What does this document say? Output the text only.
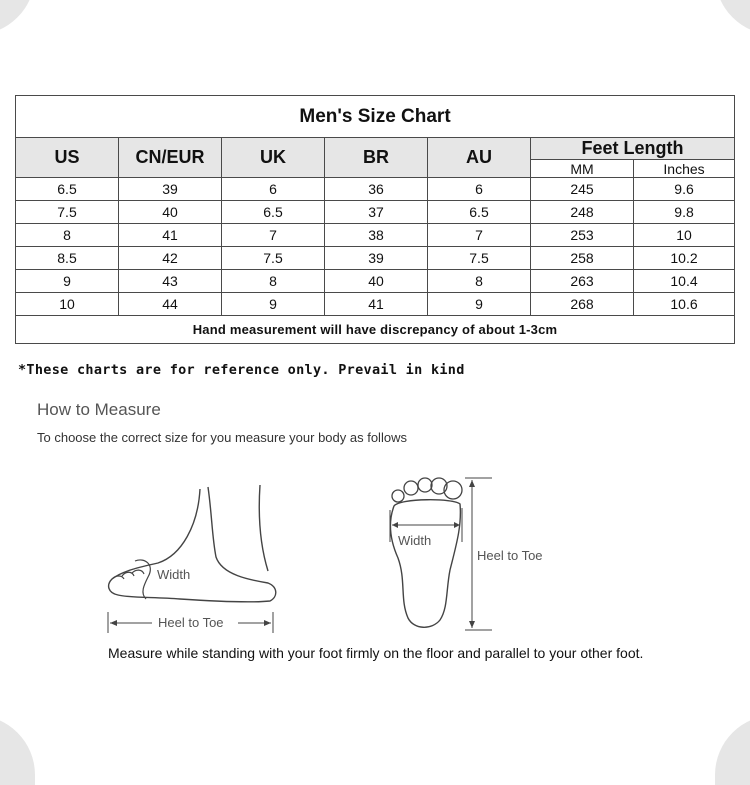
Men's Size Chart						
US	CN/EUR	UK	BR	AU	Feet Length	
					MM	Inches
6.5	39	6	36	6	245	9.6
7.5	40	6.5	37	6.5	248	9.8
8	41	7	38	7	253	10
8.5	42	7.5	39	7.5	258	10.2
9	43	8	40	8	263	10.4
10	44	9	41	9	268	10.6
Hand measurement will have discrepancy of about 1-3cm						
*These charts are for reference only. Prevail in kind
How to Measure
To choose the correct size for you measure your body as follows
Width
Heel to Toe
Width
Heel to Toe
Measure while standing with your foot firmly on the floor and parallel to your other foot.
